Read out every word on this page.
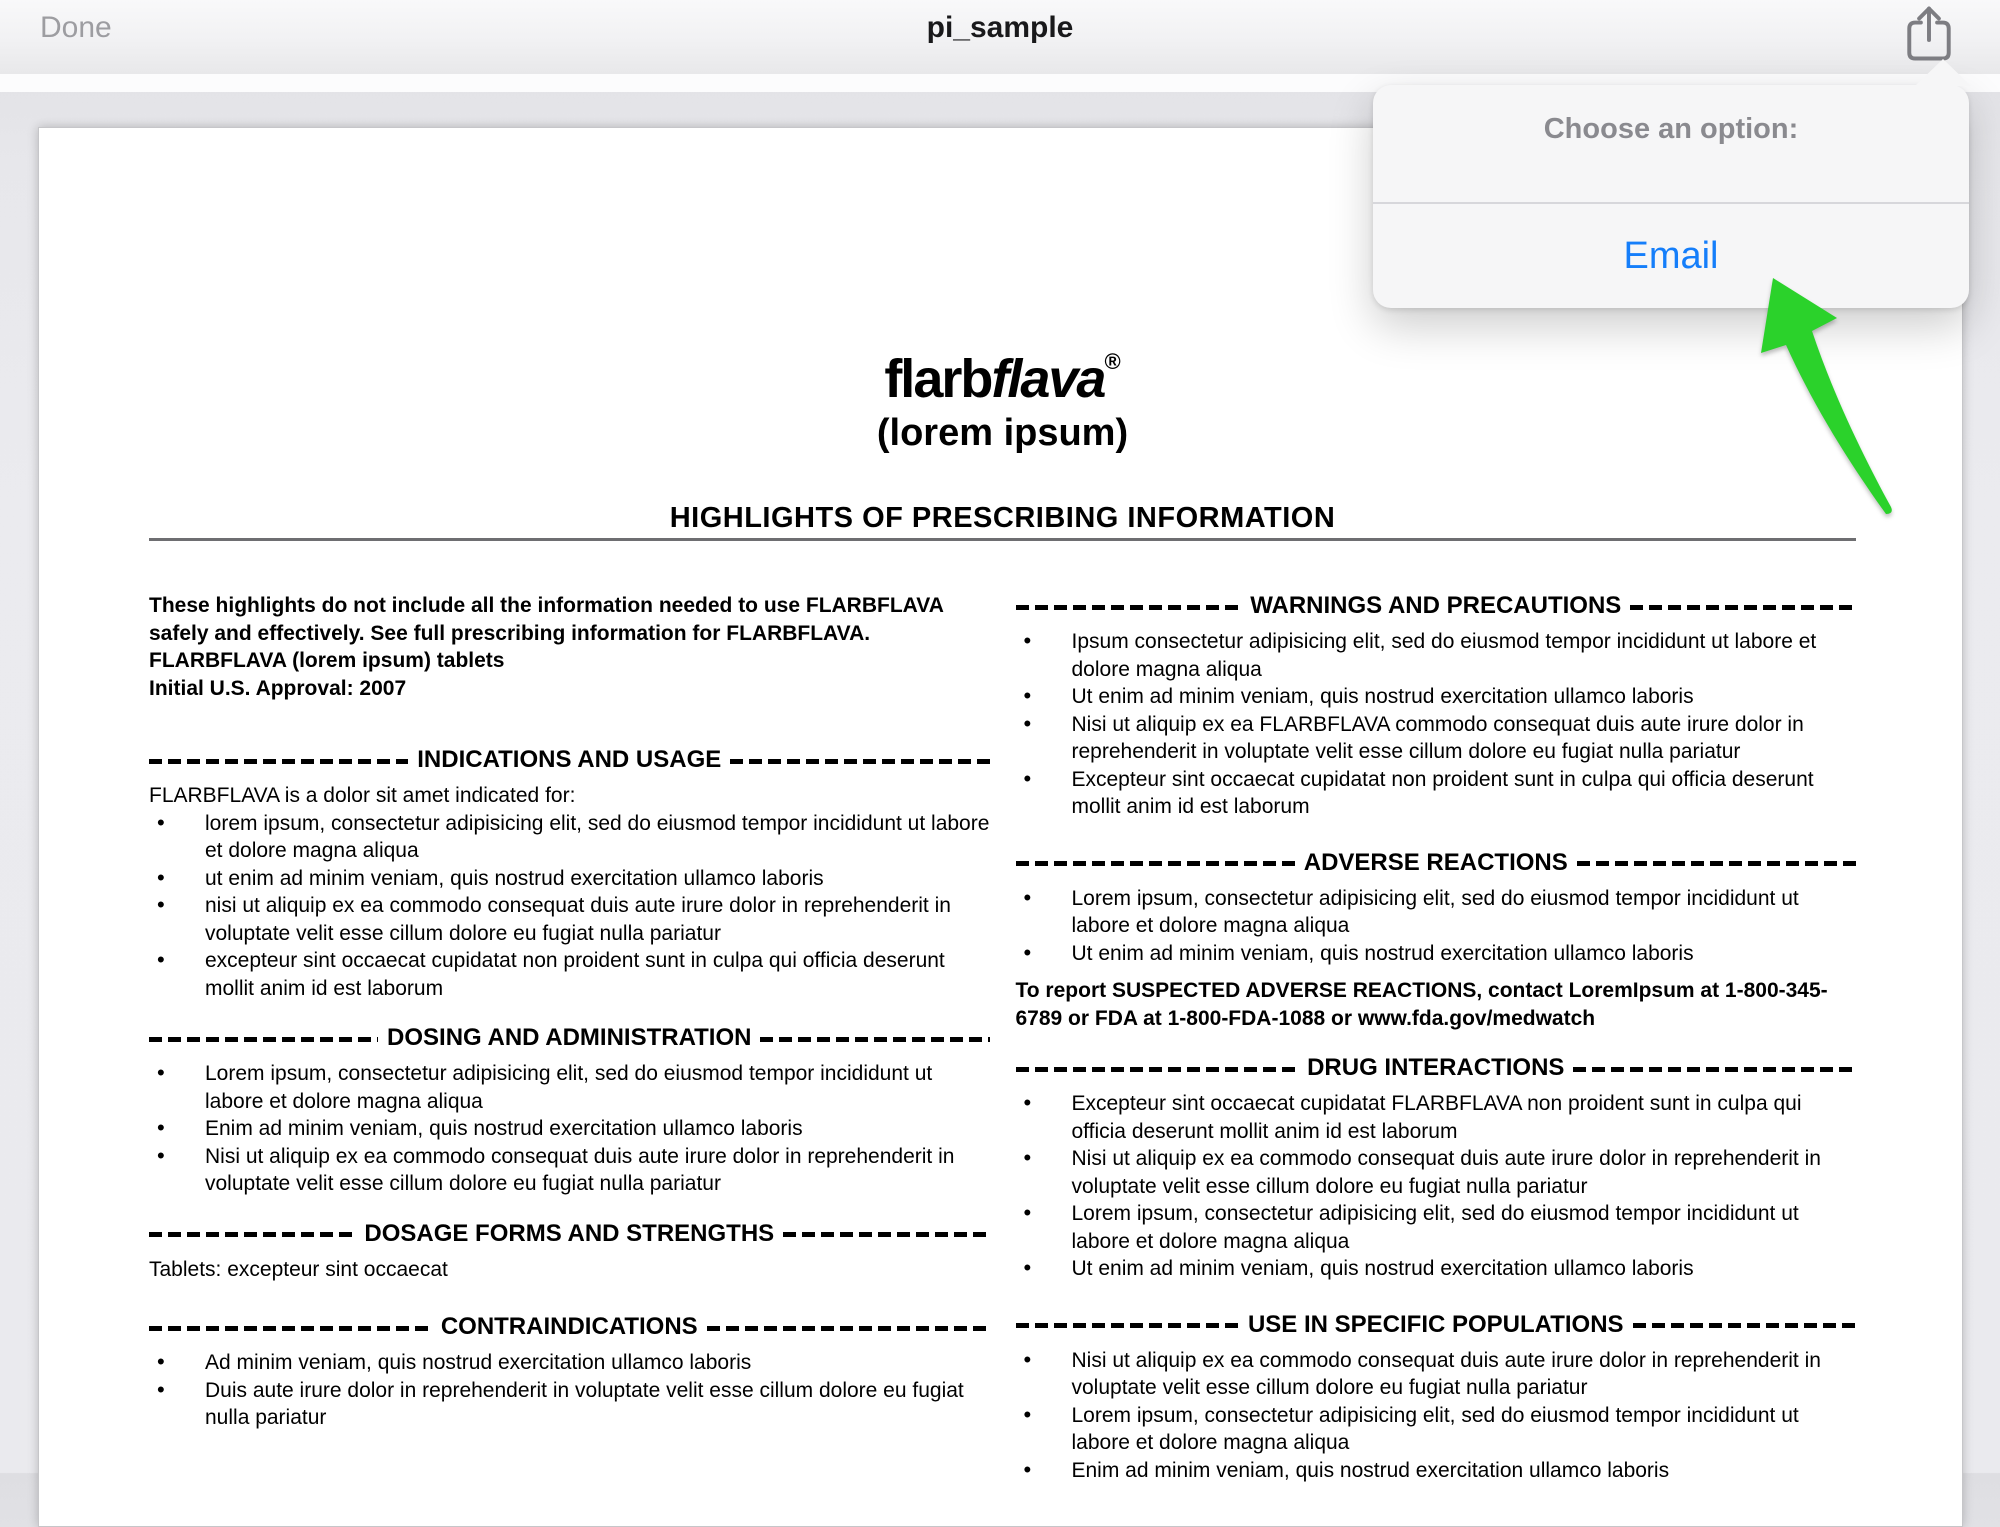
flarbflava®
(lorem ipsum)
HIGHLIGHTS OF PRESCRIBING INFORMATION

These highlights do not include all the information needed to use FLARBFLAVA safely and effectively. See full prescribing information for FLARBFLAVA.

FLARBFLAVA (lorem ipsum) tablets

Initial U.S. Approval: 2007

INDICATIONS AND USAGE

FLARBFLAVA is a dolor sit amet indicated for:

• lorem ipsum, consectetur adipisicing elit, sed do eiusmod tempor incididunt ut labore et dolore magna aliqua
• ut enim ad minim veniam, quis nostrud exercitation ullamco laboris
• nisi ut aliquip ex ea commodo consequat duis aute irure dolor in reprehenderit in voluptate velit esse cillum dolore eu fugiat nulla pariatur
• excepteur sint occaecat cupidatat non proident sunt in culpa qui officia deserunt mollit anim id est laborum
DOSING AND ADMINISTRATION
• Lorem ipsum, consectetur adipisicing elit, sed do eiusmod tempor incididunt ut labore et dolore magna aliqua
• Enim ad minim veniam, quis nostrud exercitation ullamco laboris
• Nisi ut aliquip ex ea commodo consequat duis aute irure dolor in reprehenderit in voluptate velit esse cillum dolore eu fugiat nulla pariatur
DOSAGE FORMS AND STRENGTHS

Tablets: excepteur sint occaecat

CONTRAINDICATIONS
• Ad minim veniam, quis nostrud exercitation ullamco laboris
• Duis aute irure dolor in reprehenderit in voluptate velit esse cillum dolore eu fugiat nulla pariatur
WARNINGS AND PRECAUTIONS
• Ipsum consectetur adipisicing elit, sed do eiusmod tempor incididunt ut labore et dolore magna aliqua
• Ut enim ad minim veniam, quis nostrud exercitation ullamco laboris
• Nisi ut aliquip ex ea FLARBFLAVA commodo consequat duis aute irure dolor in reprehenderit in voluptate velit esse cillum dolore eu fugiat nulla pariatur
• Excepteur sint occaecat cupidatat non proident sunt in culpa qui officia deserunt mollit anim id est laborum
ADVERSE REACTIONS
• Lorem ipsum, consectetur adipisicing elit, sed do eiusmod tempor incididunt ut labore et dolore magna aliqua
• Ut enim ad minim veniam, quis nostrud exercitation ullamco laboris

To report SUSPECTED ADVERSE REACTIONS, contact LoremIpsum at 1-800-345-6789 or FDA at 1-800-FDA-1088 or www.fda.gov/medwatch

DRUG INTERACTIONS
• Excepteur sint occaecat cupidatat FLARBFLAVA non proident sunt in culpa qui officia deserunt mollit anim id est laborum
• Nisi ut aliquip ex ea commodo consequat duis aute irure dolor in reprehenderit in voluptate velit esse cillum dolore eu fugiat nulla pariatur
• Lorem ipsum, consectetur adipisicing elit, sed do eiusmod tempor incididunt ut labore et dolore magna aliqua
• Ut enim ad minim veniam, quis nostrud exercitation ullamco laboris
USE IN SPECIFIC POPULATIONS
• Nisi ut aliquip ex ea commodo consequat duis aute irure dolor in reprehenderit in voluptate velit esse cillum dolore eu fugiat nulla pariatur
• Lorem ipsum, consectetur adipisicing elit, sed do eiusmod tempor incididunt ut labore et dolore magna aliqua
• Enim ad minim veniam, quis nostrud exercitation ullamco laboris
Done	pi_sample
Choose an option:
Email
